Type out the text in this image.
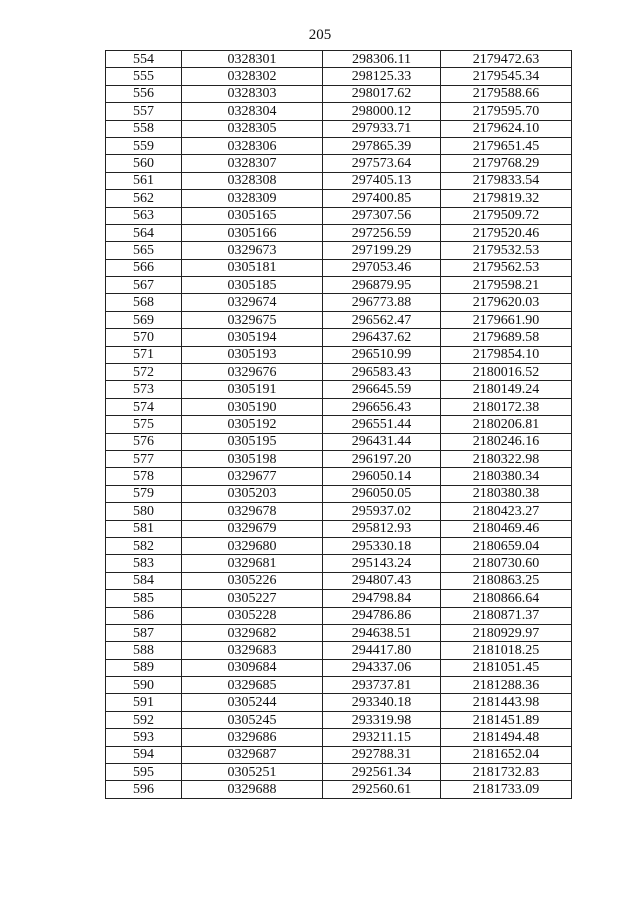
205
554	0328301	298306.11	2179472.63
555	0328302	298125.33	2179545.34
556	0328303	298017.62	2179588.66
557	0328304	298000.12	2179595.70
558	0328305	297933.71	2179624.10
559	0328306	297865.39	2179651.45
560	0328307	297573.64	2179768.29
561	0328308	297405.13	2179833.54
562	0328309	297400.85	2179819.32
563	0305165	297307.56	2179509.72
564	0305166	297256.59	2179520.46
565	0329673	297199.29	2179532.53
566	0305181	297053.46	2179562.53
567	0305185	296879.95	2179598.21
568	0329674	296773.88	2179620.03
569	0329675	296562.47	2179661.90
570	0305194	296437.62	2179689.58
571	0305193	296510.99	2179854.10
572	0329676	296583.43	2180016.52
573	0305191	296645.59	2180149.24
574	0305190	296656.43	2180172.38
575	0305192	296551.44	2180206.81
576	0305195	296431.44	2180246.16
577	0305198	296197.20	2180322.98
578	0329677	296050.14	2180380.34
579	0305203	296050.05	2180380.38
580	0329678	295937.02	2180423.27
581	0329679	295812.93	2180469.46
582	0329680	295330.18	2180659.04
583	0329681	295143.24	2180730.60
584	0305226	294807.43	2180863.25
585	0305227	294798.84	2180866.64
586	0305228	294786.86	2180871.37
587	0329682	294638.51	2180929.97
588	0329683	294417.80	2181018.25
589	0309684	294337.06	2181051.45
590	0329685	293737.81	2181288.36
591	0305244	293340.18	2181443.98
592	0305245	293319.98	2181451.89
593	0329686	293211.15	2181494.48
594	0329687	292788.31	2181652.04
595	0305251	292561.34	2181732.83
596	0329688	292560.61	2181733.09
